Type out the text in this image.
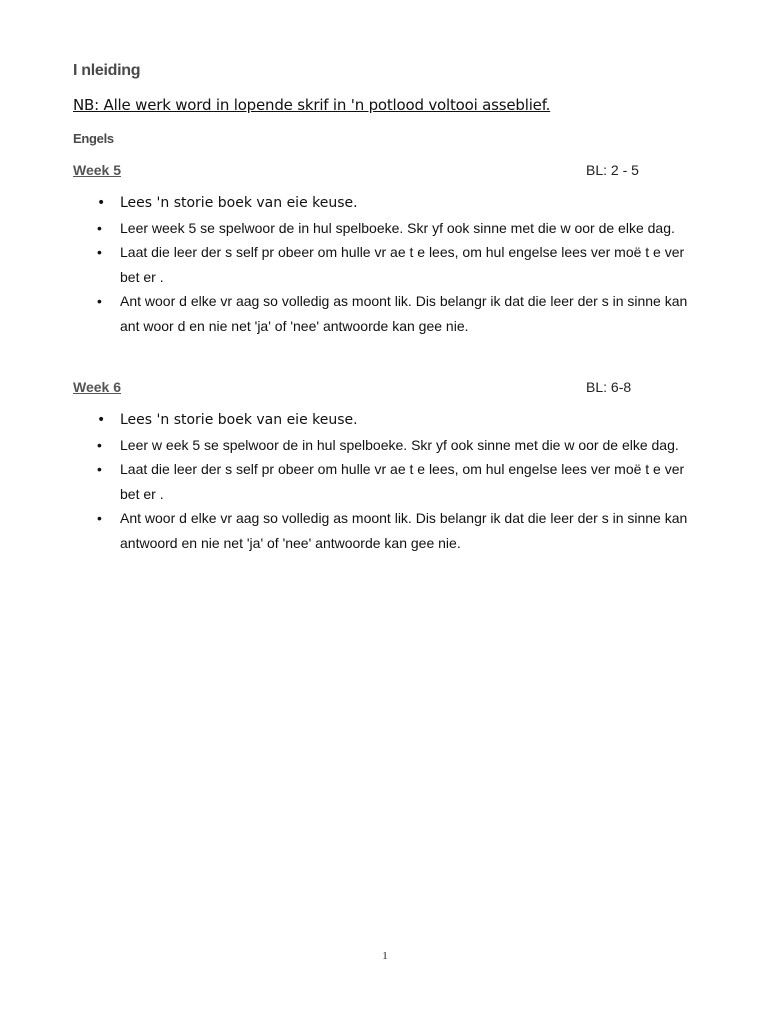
I nleiding
NB: Alle werk word in lopende skrif in 'n potlood voltooi asseblief.
Engels
Week 5	BL: 2 - 5
• Lees 'n storie boek van eie keuse.
• Leer week 5 se spelwoor de in hul spelboeke. Skr yf ook sinne met die w oor de elke dag.
• Laat die leer der s self pr obeer om hulle vr ae t e lees, om hul engelse lees ver moë t e ver bet er .
• Ant woor d elke vr aag so volledig as moont lik. Dis belangr ik dat die leer der s in sinne kan ant woor d en nie net 'ja' of 'nee' antwoorde kan gee nie.
Week 6	BL: 6-8
• Lees 'n storie boek van eie keuse.
• Leer w eek 5 se spelwoor de in hul spelboeke. Skr yf ook sinne met die w oor de elke dag.
• Laat die leer der s self pr obeer om hulle vr ae t e lees, om hul engelse lees ver moë t e ver bet er .
• Ant woor d elke vr aag so volledig as moont lik. Dis belangr ik dat die leer der s in sinne kan antwoord en nie net 'ja' of 'nee' antwoorde kan gee nie.
1
